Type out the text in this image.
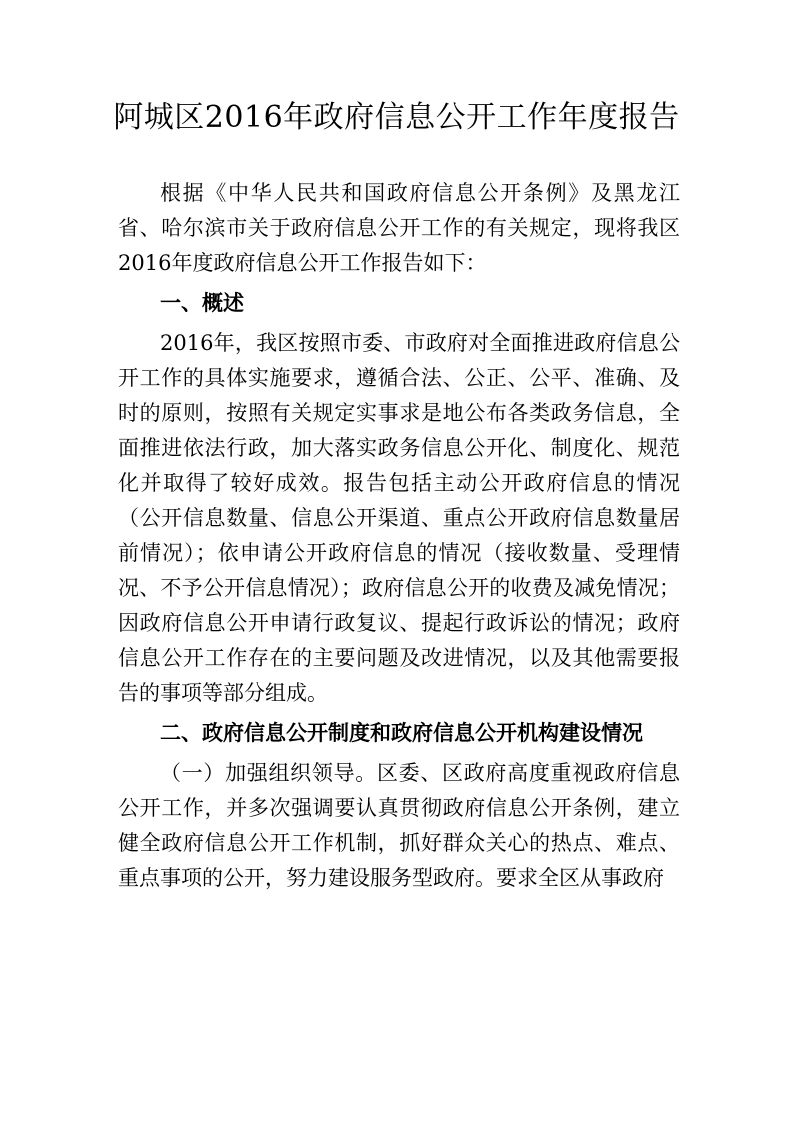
阿城区2016年政府信息公开工作年度报告

根据《中华人民共和国政府信息公开条例》及黑龙江省、哈尔滨市关于政府信息公开工作的有关规定，现将我区2016年度政府信息公开工作报告如下：

一、概述

2016年，我区按照市委、市政府对全面推进政府信息公开工作的具体实施要求，遵循合法、公正、公平、准确、及时的原则，按照有关规定实事求是地公布各类政务信息，全面推进依法行政，加大落实政务信息公开化、制度化、规范化并取得了较好成效。报告包括主动公开政府信息的情况（公开信息数量、信息公开渠道、重点公开政府信息数量居前情况）；依申请公开政府信息的情况（接收数量、受理情况、不予公开信息情况）；政府信息公开的收费及减免情况；因政府信息公开申请行政复议、提起行政诉讼的情况；政府信息公开工作存在的主要问题及改进情况，以及其他需要报告的事项等部分组成。

二、政府信息公开制度和政府信息公开机构建设情况

（一）加强组织领导。区委、区政府高度重视政府信息公开工作，并多次强调要认真贯彻政府信息公开条例，建立健全政府信息公开工作机制，抓好群众关心的热点、难点、重点事项的公开，努力建设服务型政府。要求全区从事政府
